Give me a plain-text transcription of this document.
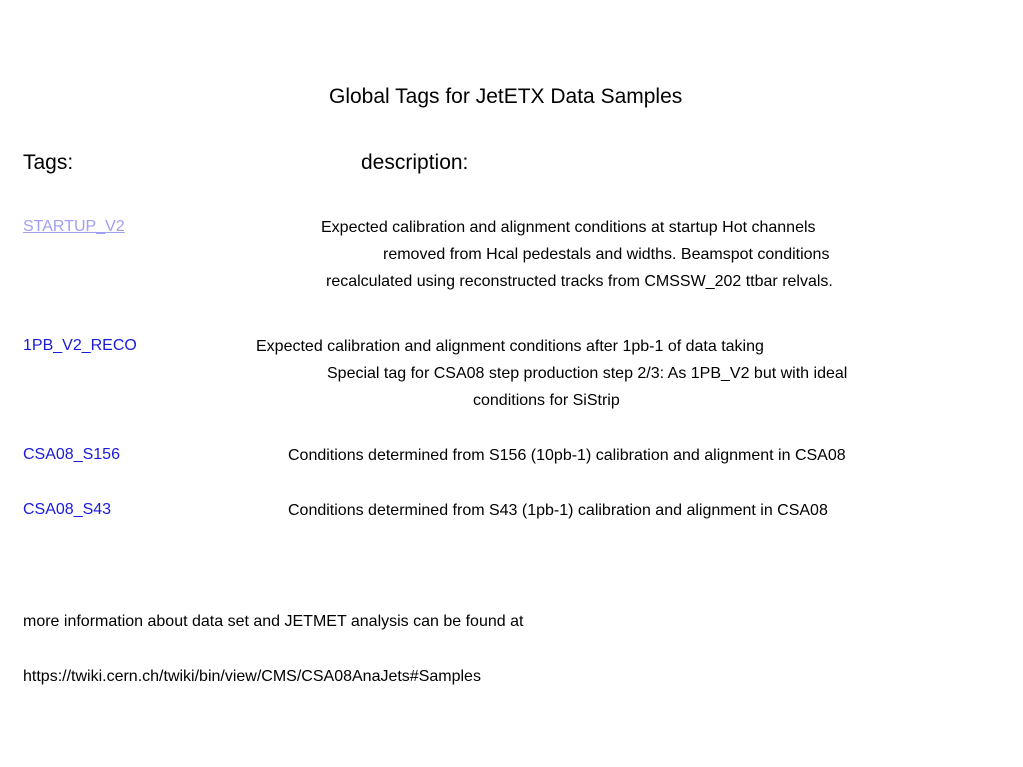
Global Tags for JetETX Data Samples
Tags:	description:
STARTUP_V2	Expected calibration and alignment conditions at startup Hot channels
removed from Hcal pedestals and widths. Beamspot conditions
recalculated using reconstructed tracks from CMSSW_202 ttbar relvals.
1PB_V2_RECO	Expected calibration and alignment conditions after 1pb-1 of data taking
Special tag for CSA08 step production step 2/3: As 1PB_V2 but with ideal
conditions for SiStrip
CSA08_S156	Conditions determined from S156 (10pb-1) calibration and alignment in CSA08
CSA08_S43	Conditions determined from S43 (1pb-1) calibration and alignment in CSA08
more information about data set and JETMET analysis can be found at
https://twiki.cern.ch/twiki/bin/view/CMS/CSA08AnaJets#Samples
